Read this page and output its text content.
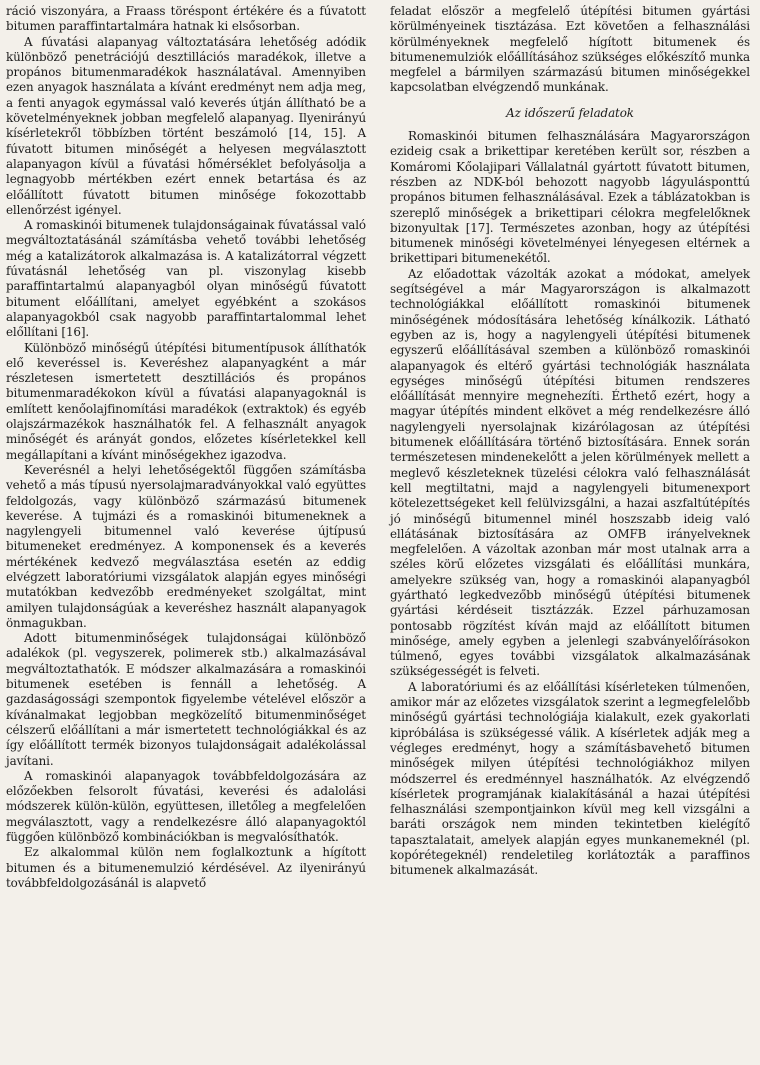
ráció viszonyára, a Fraass töréspont értékére és a fúvatott bitumen paraffintartalmára hatnak ki elsősorban.

A fúvatási alapanyag változtatására lehetőség adódik különböző penetrációjú desztillációs maradékok, illetve a propános bitumenmaradékok használatával. Amennyiben ezen anyagok használata a kívánt eredményt nem adja meg, a fenti anyagok egymással való keverés útján állítható be a követelményeknek jobban megfelelő alapanyag. Ilyenirányú kísérletekről többízben történt beszámoló [14, 15]. A fúvatott bitumen minőségét a helyesen megválasztott alapanyagon kívül a fúvatási hőmérséklet befolyásolja a legnagyobb mértékben ezért ennek betartása és az előállított fúvatott bitumen minősége fokozottabb ellenőrzést igényel.

A romaskinói bitumenek tulajdonságainak fúvatással való megváltoztatásánál számításba vehető további lehetőség még a katalizátorok alkalmazása is. A katalizátorral végzett fúvatásnál lehetőség van pl. viszonylag kisebb paraffintartalmú alapanyagból olyan minőségű fúvatott bitument előállítani, amelyet egyébként a szokásos alapanyagokból csak nagyobb paraffintartalommal lehet előllítani [16].

Különböző minőségű útépítési bitumentípusok állíthatók elő keveréssel is. Keveréshez alapanyagként a már részletesen ismertetett desztillációs és propános bitumenmaradékokon kívül a fúvatási alapanyagoknál is említett kenőolajfinomítási maradékok (extraktok) és egyéb olajszármazékok használhatók fel. A felhasznált anyagok minőségét és arányát gondos, előzetes kísérletekkel kell megállapítani a kívánt minőségekhez igazodva.

Keverésnél a helyi lehetőségektől függően számításba vehető a más típusú nyersolajmaradványokkal való együttes feldolgozás, vagy különböző származású bitumenek keverése. A tujmázi és a romaskinói bitumeneknek a nagylengyeli bitumennel való keverése újtípusú bitumeneket eredményez. A komponensek és a keverés mértékének kedvező megválasztása esetén az eddig elvégzett laboratóriumi vizsgálatok alapján egyes minőségi mutatókban kedvezőbb eredményeket szolgáltat, mint amilyen tulajdonságúak a keveréshez használt alapanyagok önmagukban.

Adott bitumenminőségek tulajdonságai különböző adalékok (pl. vegyszerek, polimerek stb.) alkalmazásával megváltoztathatók. E módszer alkalmazására a romaskinói bitumenek esetében is fennáll a lehetőség. A gazdaságossági szempontok figyelembe vételével először a kívánalmakat legjobban megközelítő bitumenminőséget célszerű előállítani a már ismertetett technológiákkal és az így előállított termék bizonyos tulajdonságait adalékolással javítani.

A romaskinói alapanyagok továbbfeldolgozására az előzőekben felsorolt fúvatási, keverési és adalolási módszerek külön-külön, együttesen, illetőleg a megfelelően megválasztott, vagy a rendelkezésre álló alapanyagoktól függően különböző kombinációkban is megvalósíthatók.

Ez alkalommal külön nem foglalkoztunk a hígított bitumen és a bitumenemulzió kérdésével. Az ilyenirányú továbbfeldolgozásánál is alapvető

feladat először a megfelelő útépítési bitumen gyártási körülményeinek tisztázása. Ezt követően a felhasználási körülményeknek megfelelő hígított bitumenek és bitumenemulziók előállításához szükséges előkészítő munka megfelel a bármilyen származású bitumen minőségekkel kapcsolatban elvégzendő munkának.

Az időszerű feladatok

Romaskinói bitumen felhasználására Magyarországon ezideig csak a brikettipar keretében került sor, részben a Komáromi Kőolajipari Vállalatnál gyártott fúvatott bitumen, részben az NDK-ból behozott nagyobb lágyulásponttú propános bitumen felhasználásával. Ezek a táblázatokban is szereplő minőségek a brikettipari célokra megfelelőknek bizonyultak [17]. Természetes azonban, hogy az útépítési bitumenek minőségi követelményei lényegesen eltérnek a brikettipari bitumenekétől.

Az előadottak vázolták azokat a módokat, amelyek segítségével a már Magyarországon is alkalmazott technológiákkal előállított romaskinói bitumenek minőségének módosítására lehetőség kínálkozik. Látható egyben az is, hogy a nagylengyeli útépítési bitumenek egyszerű előállításával szemben a különböző romaskinói alapanyagok és eltérő gyártási technológiák használata egységes minőségű útépítési bitumen rendszeres előállítását mennyire megnehezíti. Érthető ezért, hogy a magyar útépítés mindent elkövet a még rendelkezésre álló nagylengyeli nyersolajnak kizárólagosan az útépítési bitumenek előállítására történő biztosítására. Ennek során természetesen mindenekelőtt a jelen körülmények mellett a meglevő készleteknek tüzelési célokra való felhasználását kell megtiltatni, majd a nagylengyeli bitumenexport kötelezettségeket kell felülvizsgálni, a hazai aszfaltútépítés jó minőségű bitumennel minél hoszszabb ideig való ellátásának biztosítására az OMFB irányelveknek megfelelően. A vázoltak azonban már most utalnak arra a széles körű előzetes vizsgálati és előállítási munkára, amelyekre szükség van, hogy a romaskinói alapanyagból gyártható legkedvezőbb minőségű útépítési bitumenek gyártási kérdéseit tisztázzák. Ezzel párhuzamosan pontosabb rögzítést kíván majd az előállított bitumen minősége, amely egyben a jelenlegi szabványelőírásokon túlmenő, egyes további vizsgálatok alkalmazásának szükségességét is felveti.

A laboratóriumi és az előállítási kísérleteken túlmenően, amikor már az előzetes vizsgálatok szerint a legmegfelelőbb minőségű gyártási technológiája kialakult, ezek gyakorlati kipróbálása is szükségessé válik. A kísérletek adják meg a végleges eredményt, hogy a számításbavehető bitumen minőségek milyen útépítési technológiákhoz milyen módszerrel és eredménnyel használhatók. Az elvégzendő kísérletek programjának kialakításánál a hazai útépítési felhasználási szempontjainkon kívül meg kell vizsgálni a baráti országok nem minden tekintetben kielégítő tapasztalatait, amelyek alapján egyes munkanemeknél (pl. kopórétegeknél) rendeletileg korlátozták a paraffinos bitumenek alkalmazását.
